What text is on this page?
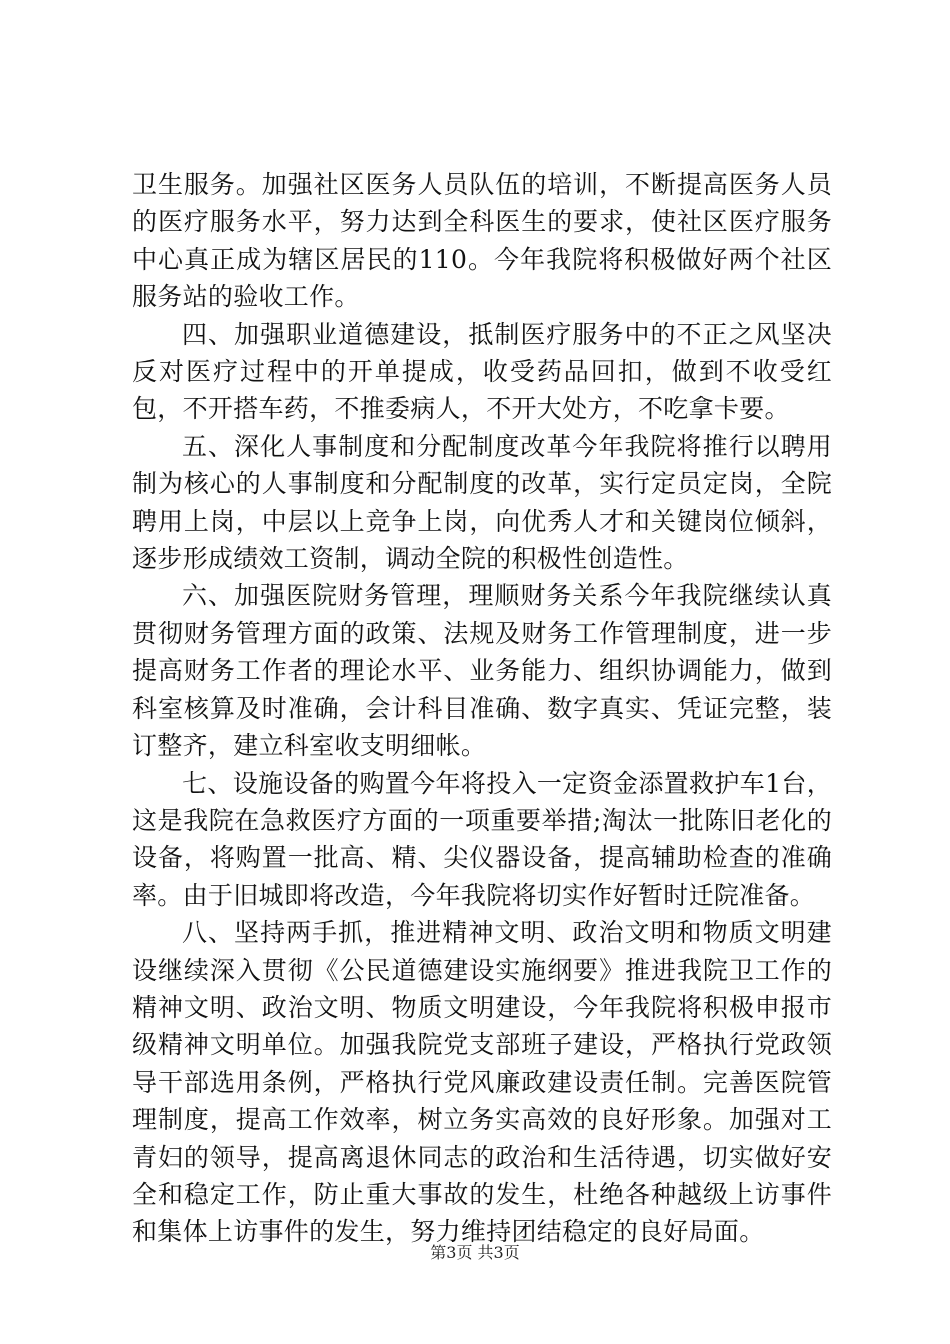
卫生服务。加强社区医务人员队伍的培训，不断提高医务人员的医疗服务水平，努力达到全科医生的要求，使社区医疗服务中心真正成为辖区居民的110。今年我院将积极做好两个社区服务站的验收工作。

四、加强职业道德建设，抵制医疗服务中的不正之风坚决反对医疗过程中的开单提成，收受药品回扣，做到不收受红包，不开搭车药，不推委病人，不开大处方，不吃拿卡要。

五、深化人事制度和分配制度改革今年我院将推行以聘用制为核心的人事制度和分配制度的改革，实行定员定岗，全院聘用上岗，中层以上竞争上岗，向优秀人才和关键岗位倾斜，逐步形成绩效工资制，调动全院的积极性创造性。

六、加强医院财务管理，理顺财务关系今年我院继续认真贯彻财务管理方面的政策、法规及财务工作管理制度，进一步提高财务工作者的理论水平、业务能力、组织协调能力，做到科室核算及时准确，会计科目准确、数字真实、凭证完整，装订整齐，建立科室收支明细帐。

七、设施设备的购置今年将投入一定资金添置救护车1台，这是我院在急救医疗方面的一项重要举措;淘汰一批陈旧老化的设备，将购置一批高、精、尖仪器设备，提高辅助检查的准确率。由于旧城即将改造，今年我院将切实作好暂时迁院准备。

八、坚持两手抓，推进精神文明、政治文明和物质文明建设继续深入贯彻《公民道德建设实施纲要》推进我院卫工作的精神文明、政治文明、物质文明建设，今年我院将积极申报市级精神文明单位。加强我院党支部班子建设，严格执行党政领导干部选用条例，严格执行党风廉政建设责任制。完善医院管理制度，提高工作效率，树立务实高效的良好形象。加强对工青妇的领导，提高离退休同志的政治和生活待遇，切实做好安全和稳定工作，防止重大事故的发生，杜绝各种越级上访事件和集体上访事件的发生，努力维持团结稳定的良好局面。

第3页 共3页
